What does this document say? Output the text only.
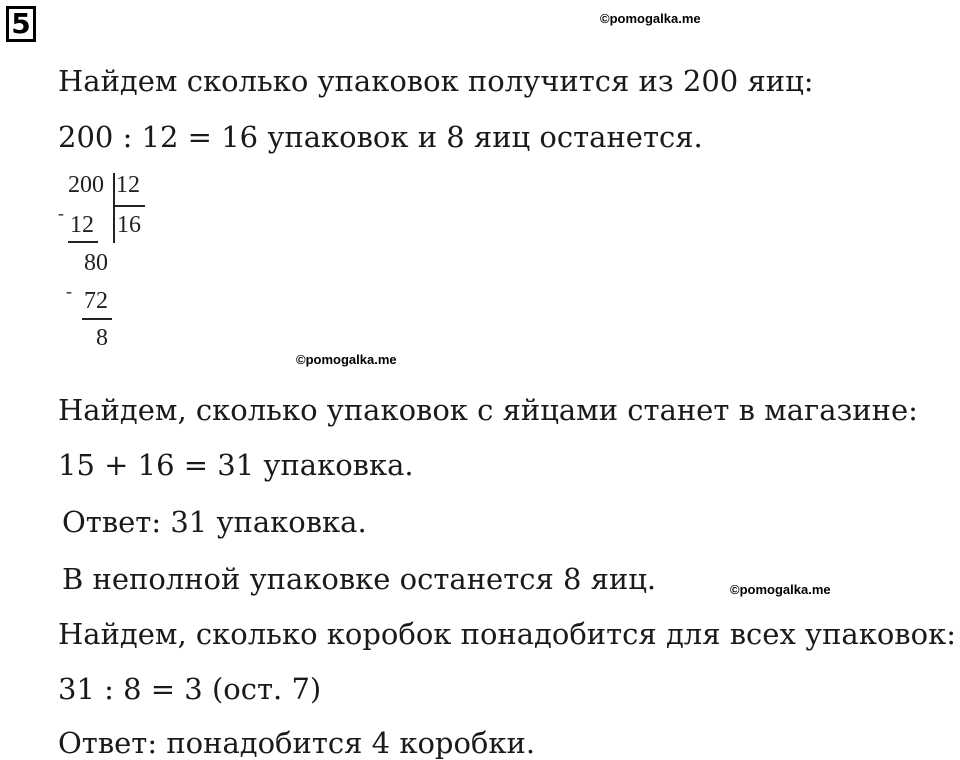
5	©pomogalka.me
©pomogalka.me
©pomogalka.me
Найдем сколько упаковок получится из 200 яиц:
200 : 12 = 16 упаковок и 8 яиц останется.
200 12
16
- 12
80
- 72
8
Найдем, сколько упаковок с яйцами станет в магазине:
15 + 16 = 31 упаковка.
Ответ: 31 упаковка.
В неполной упаковке останется 8 яиц.
Найдем, сколько коробок понадобится для всех упаковок:
31 : 8 = 3 (ост. 7)
Ответ: понадобится 4 коробки.
